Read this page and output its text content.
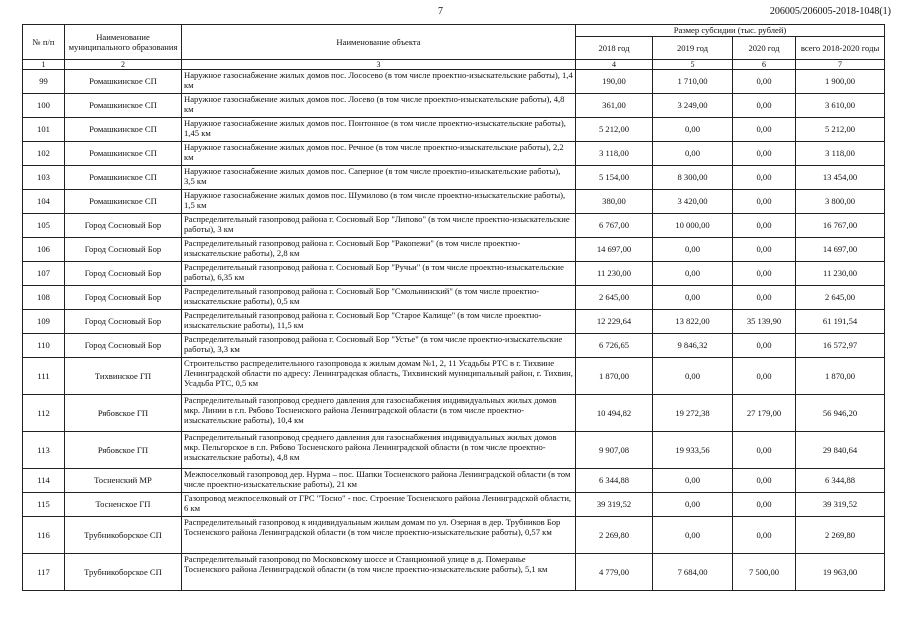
7	206005/206005-2018-1048(1)
№ п/п	Наименование муниципального образования	Наименование объекта	Размер субсидии (тыс. рублей)			
			2018 год	2019 год	2020 год	всего 2018-2020 годы
1	2	3	4	5	6	7
99	Ромашкинское СП	Наружное газоснабжение жилых домов пос. Лососево (в том числе проектно-изыскательские работы), 1,4 км	190,00	1 710,00	0,00	1 900,00
100	Ромашкинское СП	Наружное газоснабжение жилых домов пос. Лосево (в том числе проектно-изыскательские работы), 4,8 км	361,00	3 249,00	0,00	3 610,00
101	Ромашкинское СП	Наружное газоснабжение жилых домов пос. Понтонное (в том числе проектно-изыскательские работы), 1,45 км	5 212,00	0,00	0,00	5 212,00
102	Ромашкинское СП	Наружное газоснабжение жилых домов пос. Речное (в том числе проектно-изыскательские работы), 2,2 км	3 118,00	0,00	0,00	3 118,00
103	Ромашкинское СП	Наружное газоснабжение жилых домов пос. Саперное (в том числе проектно-изыскательские работы), 3,5 км	5 154,00	8 300,00	0,00	13 454,00
104	Ромашкинское СП	Наружное газоснабжение жилых домов пос. Шумилово (в том числе проектно-изыскательские работы), 1,5 км	380,00	3 420,00	0,00	3 800,00
105	Город Сосновый Бор	Распределительный газопровод района г. Сосновый Бор "Липово" (в том числе проектно-изыскательские работы), 3 км	6 767,00	10 000,00	0,00	16 767,00
106	Город Сосновый Бор	Распределительный газопровод района г. Сосновый Бор "Ракопежи" (в том числе проектно-изыскательские работы), 2,8 км	14 697,00	0,00	0,00	14 697,00
107	Город Сосновый Бор	Распределительный газопровод района г. Сосновый Бор "Ручьи" (в том числе проектно-изыскательские работы), 6,35 км	11 230,00	0,00	0,00	11 230,00
108	Город Сосновый Бор	Распределительный газопровод района г. Сосновый Бор "Смольнинский" (в том числе проектно-изыскательские работы), 0,5 км	2 645,00	0,00	0,00	2 645,00
109	Город Сосновый Бор	Распределительный газопровод района г. Сосновый Бор "Старое Калище" (в том числе проектно-изыскательские работы), 11,5 км	12 229,64	13 822,00	35 139,90	61 191,54
110	Город Сосновый Бор	Распределительный газопровод района г. Сосновый Бор "Устье" (в том числе проектно-изыскательские работы), 3,3 км	6 726,65	9 846,32	0,00	16 572,97
111	Тихвинское ГП	Строительство распределительного газопровода к жилым домам №1, 2, 11 Усадьбы РТС в г. Тихвине Ленинградской области по адресу: Ленинградская область, Тихвинский муниципальный район, г. Тихвин, Усадьба РТС, 0,5 км	1 870,00	0,00	0,00	1 870,00
112	Рябовское ГП	Распределительный газопровод среднего давления для газоснабжения индивидуальных жилых домов мкр. Линии в г.п. Рябово Тосненского района Ленинградской области (в том числе проектно-изыскательские работы), 10,4 км	10 494,82	19 272,38	27 179,00	56 946,20
113	Рябовское ГП	Распределительный газопровод среднего давления для газоснабжения индивидуальных жилых домов мкр. Пельгорское в г.п. Рябово Тосненского района Ленинградской области (в том числе проектно-изыскательские работы), 4,8 км	9 907,08	19 933,56	0,00	29 840,64
114	Тосненский МР	Межпоселковый газопровод дер. Нурма – пос. Шапки Тосненского района Ленинградской области (в том числе проектно-изыскательские работы), 21 км	6 344,88	0,00	0,00	6 344,88
115	Тосненское ГП	Газопровод межпоселковый от ГРС "Тосно" - пос. Строение Тосненского района Ленинградской области, 6 км	39 319,52	0,00	0,00	39 319,52
116	Трубникоборское СП	Распределительный газопровод к индивидуальным жилым домам по ул. Озерная в дер. Трубников Бор Тосненского района Ленинградской области (в том числе проектно-изыскательские работы), 0,57 км	2 269,80	0,00	0,00	2 269,80
117	Трубникоборское СП	Распределительный газопровод по Московскому шоссе и Станционной улице в д. Померанье Тосненского района Ленинградской области (в том числе проектно-изыскательские работы), 5,1 км	4 779,00	7 684,00	7 500,00	19 963,00
